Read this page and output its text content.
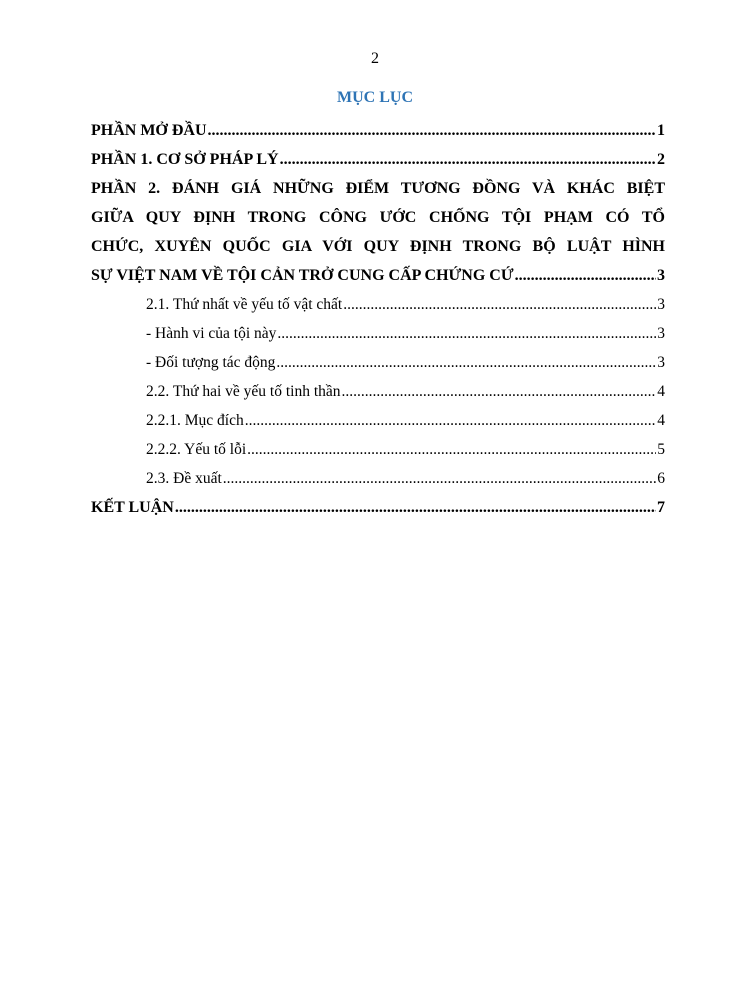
2
MỤC LỤC
PHẦN MỞ ĐẦU .....	1
PHẦN 1. CƠ SỞ PHÁP LÝ .....	2
PHẦN 2. ĐÁNH GIÁ NHỮNG ĐIỂM TƯƠNG ĐỒNG VÀ KHÁC BIỆT
GIỮA QUY ĐỊNH TRONG CÔNG ƯỚC CHỐNG TỘI PHẠM CÓ TỔ
CHỨC, XUYÊN QUỐC GIA VỚI QUY ĐỊNH TRONG BỘ LUẬT HÌNH
SỰ VIỆT NAM VỀ TỘI CẢN TRỞ CUNG CẤP CHỨNG CỨ .....	3
2.1. Thứ nhất về yếu tố vật chất .....	3
- Hành vi của tội này .....	3
- Đối tượng tác động .....	3
2.2. Thứ hai về yếu tố tinh thần .....	4
2.2.1. Mục đích .....	4
2.2.2. Yếu tố lỗi .....	5
2.3. Đề xuất .....	6
KẾT LUẬN .....	7
